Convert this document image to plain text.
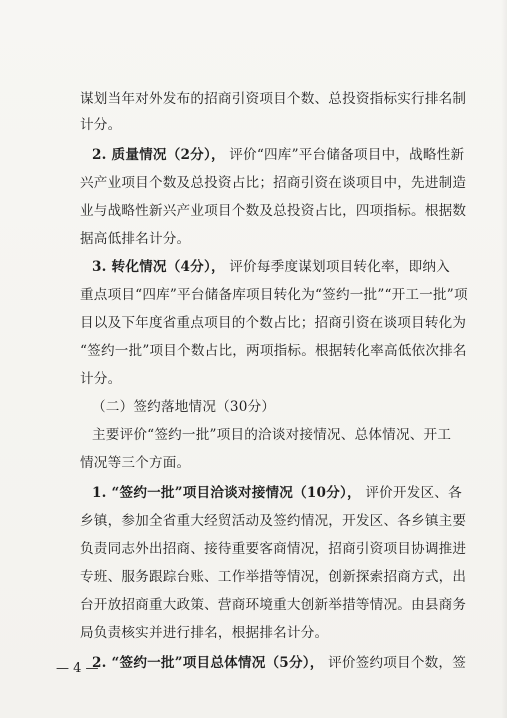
谋划当年对外发布的招商引资项目个数、总投资指标实行排名制
计分。
2. 质量情况（2分）， 评价“四库”平台储备项目中，战略性新
兴产业项目个数及总投资占比；招商引资在谈项目中，先进制造
业与战略性新兴产业项目个数及总投资占比，四项指标。根据数
据高低排名计分。
3. 转化情况（4分）， 评价每季度谋划项目转化率，即纳入
重点项目“四库”平台储备库项目转化为“签约一批”“开工一批”项
目以及下年度省重点项目的个数占比；招商引资在谈项目转化为
“签约一批”项目个数占比，两项指标。根据转化率高低依次排名
计分。
（二）签约落地情况（30分）
主要评价“签约一批”项目的洽谈对接情况、总体情况、开工
情况等三个方面。
1. “签约一批”项目洽谈对接情况（10分）， 评价开发区、各
乡镇，参加全省重大经贸活动及签约情况，开发区、各乡镇主要
负责同志外出招商、接待重要客商情况，招商引资项目协调推进
专班、服务跟踪台账、工作举措等情况，创新探索招商方式，出
台开放招商重大政策、营商环境重大创新举措等情况。由县商务
局负责核实并进行排名，根据排名计分。
2. “签约一批”项目总体情况（5分）， 评价签约项目个数，签
— 4 —
